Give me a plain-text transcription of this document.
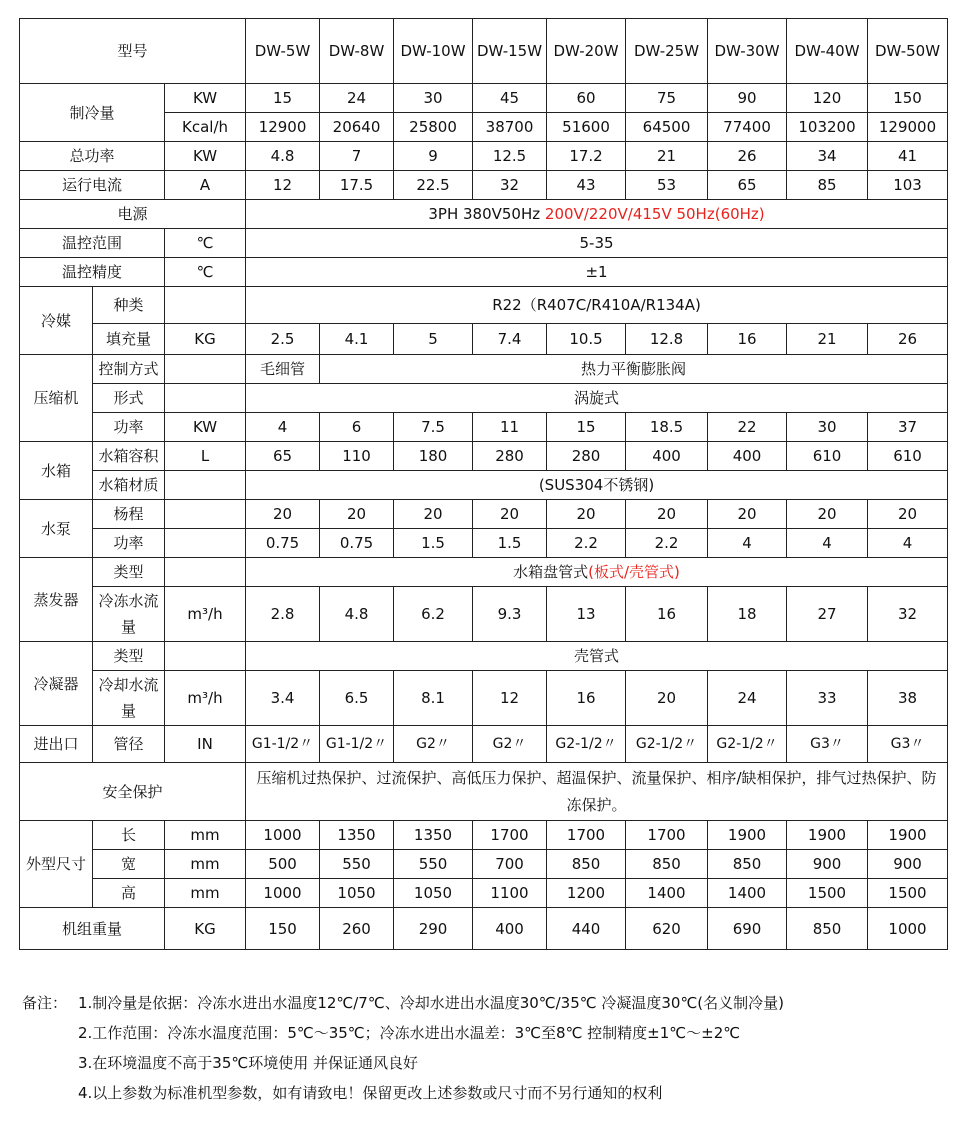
型号			DW-5W	DW-8W	DW-10W	DW-15W	DW-20W	DW-25W	DW-30W	DW-40W	DW-50W
制冷量		KW	15	24	30	45	60	75	90	120	150
		Kcal/h	12900	20640	25800	38700	51600	64500	77400	103200	129000
总功率		KW	4.8	7	9	12.5	17.2	21	26	34	41
运行电流		A	12	17.5	22.5	32	43	53	65	85	103
电源			3PH 380V50Hz 200V/220V/415V 50Hz(60Hz)								
温控范围		℃	5-35								
温控精度		℃	±1								
冷媒	种类		R22（R407C/R410A/R134A)								
	填充量	KG	2.5	4.1	5	7.4	10.5	12.8	16	21	26
压缩机	控制方式		毛细管	热力平衡膨胀阀							
	形式		涡旋式								
	功率	KW	4	6	7.5	11	15	18.5	22	30	37
水箱	水箱容积	L	65	110	180	280	280	400	400	610	610
	水箱材质		(SUS304不锈钢)								
水泵	杨程		20	20	20	20	20	20	20	20	20
	功率		0.75	0.75	1.5	1.5	2.2	2.2	4	4	4
蒸发器	类型		水箱盘管式(板式/壳管式)								
	冷冻水流量	m³/h	2.8	4.8	6.2	9.3	13	16	18	27	32
冷凝器	类型		壳管式								
	冷却水流量	m³/h	3.4	6.5	8.1	12	16	20	24	33	38
进出口	管径	IN	G1-1/2〃	G1-1/2〃	G2〃	G2〃	G2-1/2〃	G2-1/2〃	G2-1/2〃	G3〃	G3〃
安全保护			压缩机过热保护、过流保护、高低压力保护、超温保护、流量保护、相序/缺相保护，排气过热保护、防冻保护。								
外型尺寸	长	mm	1000	1350	1350	1700	1700	1700	1900	1900	1900
	宽	mm	500	550	550	700	850	850	850	900	900
	高	mm	1000	1050	1050	1100	1200	1400	1400	1500	1500
机组重量		KG	150	260	290	400	440	620	690	850	1000
备注： 1.制冷量是依据：冷冻水进出水温度12℃/7℃、冷却水进出水温度30℃/35℃ 冷凝温度30℃(名义制冷量)
2.工作范围：冷冻水温度范围：5℃～35℃；冷冻水进出水温差：3℃至8℃ 控制精度±1℃～±2℃
3.在环境温度不高于35℃环境使用 并保证通风良好
4.以上参数为标准机型参数，如有请致电！保留更改上述参数或尺寸而不另行通知的权利
